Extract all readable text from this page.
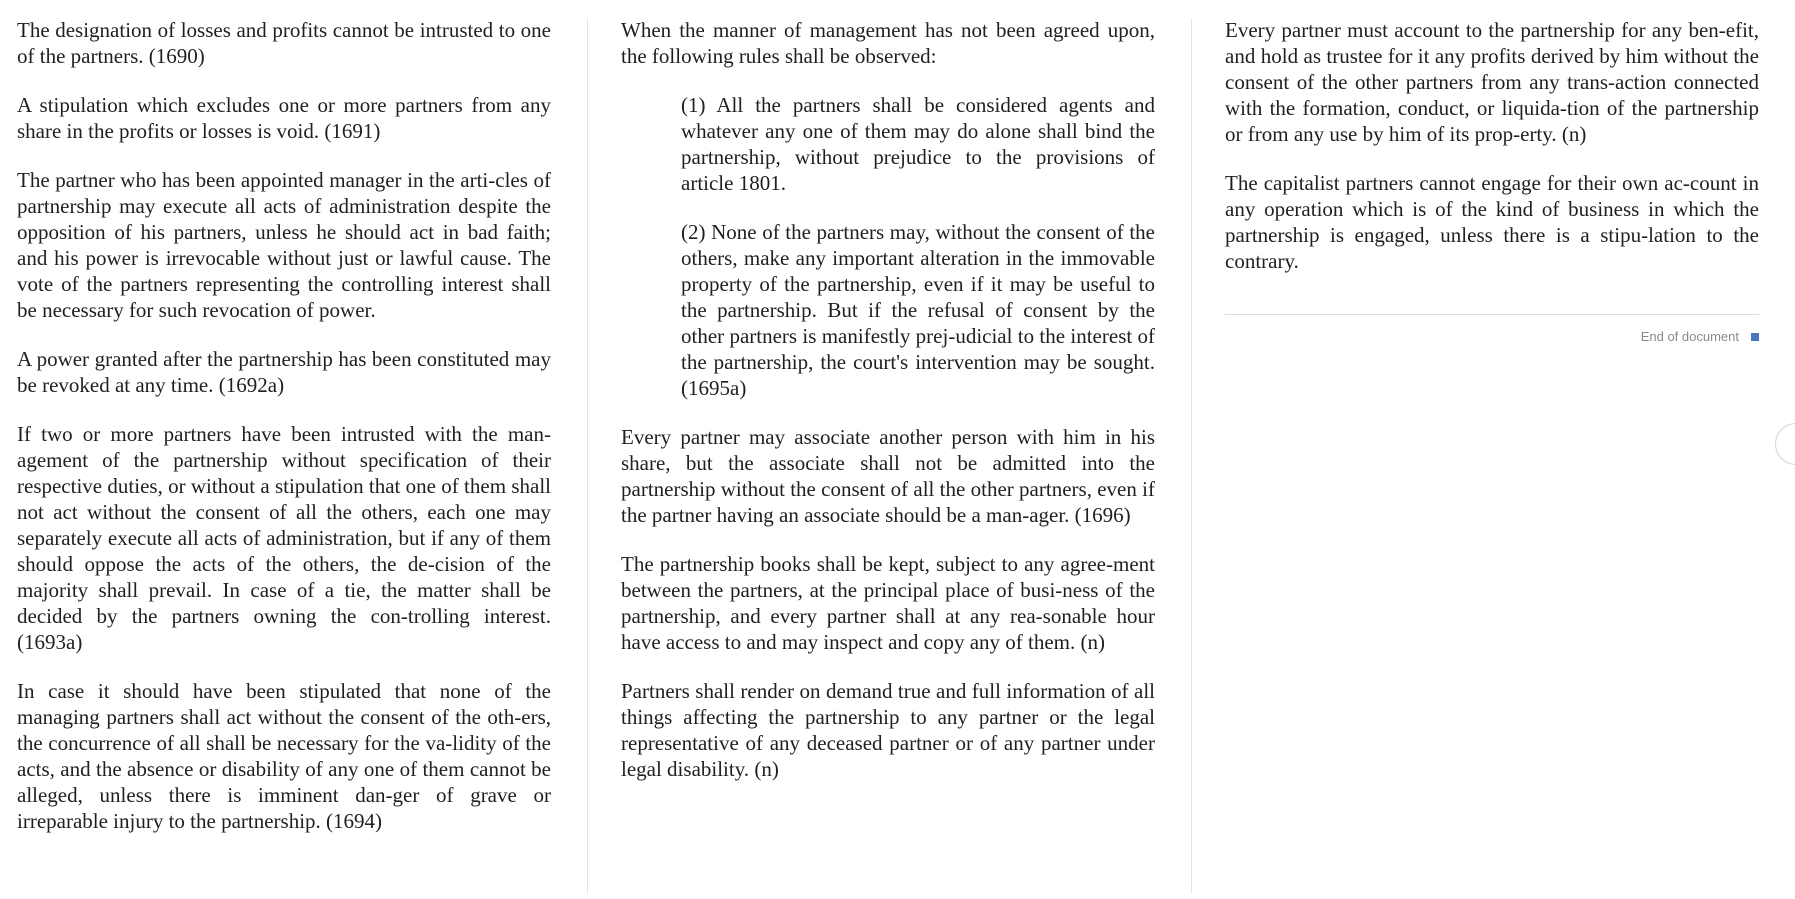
The designation of losses and profits cannot be intrusted to one of the partners. (1690)

A stipulation which excludes one or more partners from any share in the profits or losses is void. (1691)

The partner who has been appointed manager in the arti-cles of partnership may execute all acts of administration despite the opposition of his partners, unless he should act in bad faith; and his power is irrevocable without just or lawful cause. The vote of the partners representing the controlling interest shall be necessary for such revocation of power.

A power granted after the partnership has been constituted may be revoked at any time. (1692a)

If two or more partners have been intrusted with the man-agement of the partnership without specification of their respective duties, or without a stipulation that one of them shall not act without the consent of all the others, each one may separately execute all acts of administration, but if any of them should oppose the acts of the others, the de-cision of the majority shall prevail. In case of a tie, the matter shall be decided by the partners owning the con-trolling interest. (1693a)

In case it should have been stipulated that none of the managing partners shall act without the consent of the oth-ers, the concurrence of all shall be necessary for the va-lidity of the acts, and the absence or disability of any one of them cannot be alleged, unless there is imminent dan-ger of grave or irreparable injury to the partnership. (1694)

When the manner of management has not been agreed upon, the following rules shall be observed:

(1) All the partners shall be considered agents and whatever any one of them may do alone shall bind the partnership, without prejudice to the provisions of article 1801.

(2) None of the partners may, without the consent of the others, make any important alteration in the immovable property of the partnership, even if it may be useful to the partnership. But if the refusal of consent by the other partners is manifestly prej-udicial to the interest of the partnership, the court's intervention may be sought. (1695a)

Every partner may associate another person with him in his share, but the associate shall not be admitted into the partnership without the consent of all the other partners, even if the partner having an associate should be a man-ager. (1696)

The partnership books shall be kept, subject to any agree-ment between the partners, at the principal place of busi-ness of the partnership, and every partner shall at any rea-sonable hour have access to and may inspect and copy any of them. (n)

Partners shall render on demand true and full information of all things affecting the partnership to any partner or the legal representative of any deceased partner or of any partner under legal disability. (n)

Every partner must account to the partnership for any ben-efit, and hold as trustee for it any profits derived by him without the consent of the other partners from any trans-action connected with the formation, conduct, or liquida-tion of the partnership or from any use by him of its prop-erty. (n)

The capitalist partners cannot engage for their own ac-count in any operation which is of the kind of business in which the partnership is engaged, unless there is a stipu-lation to the contrary.

End of document
